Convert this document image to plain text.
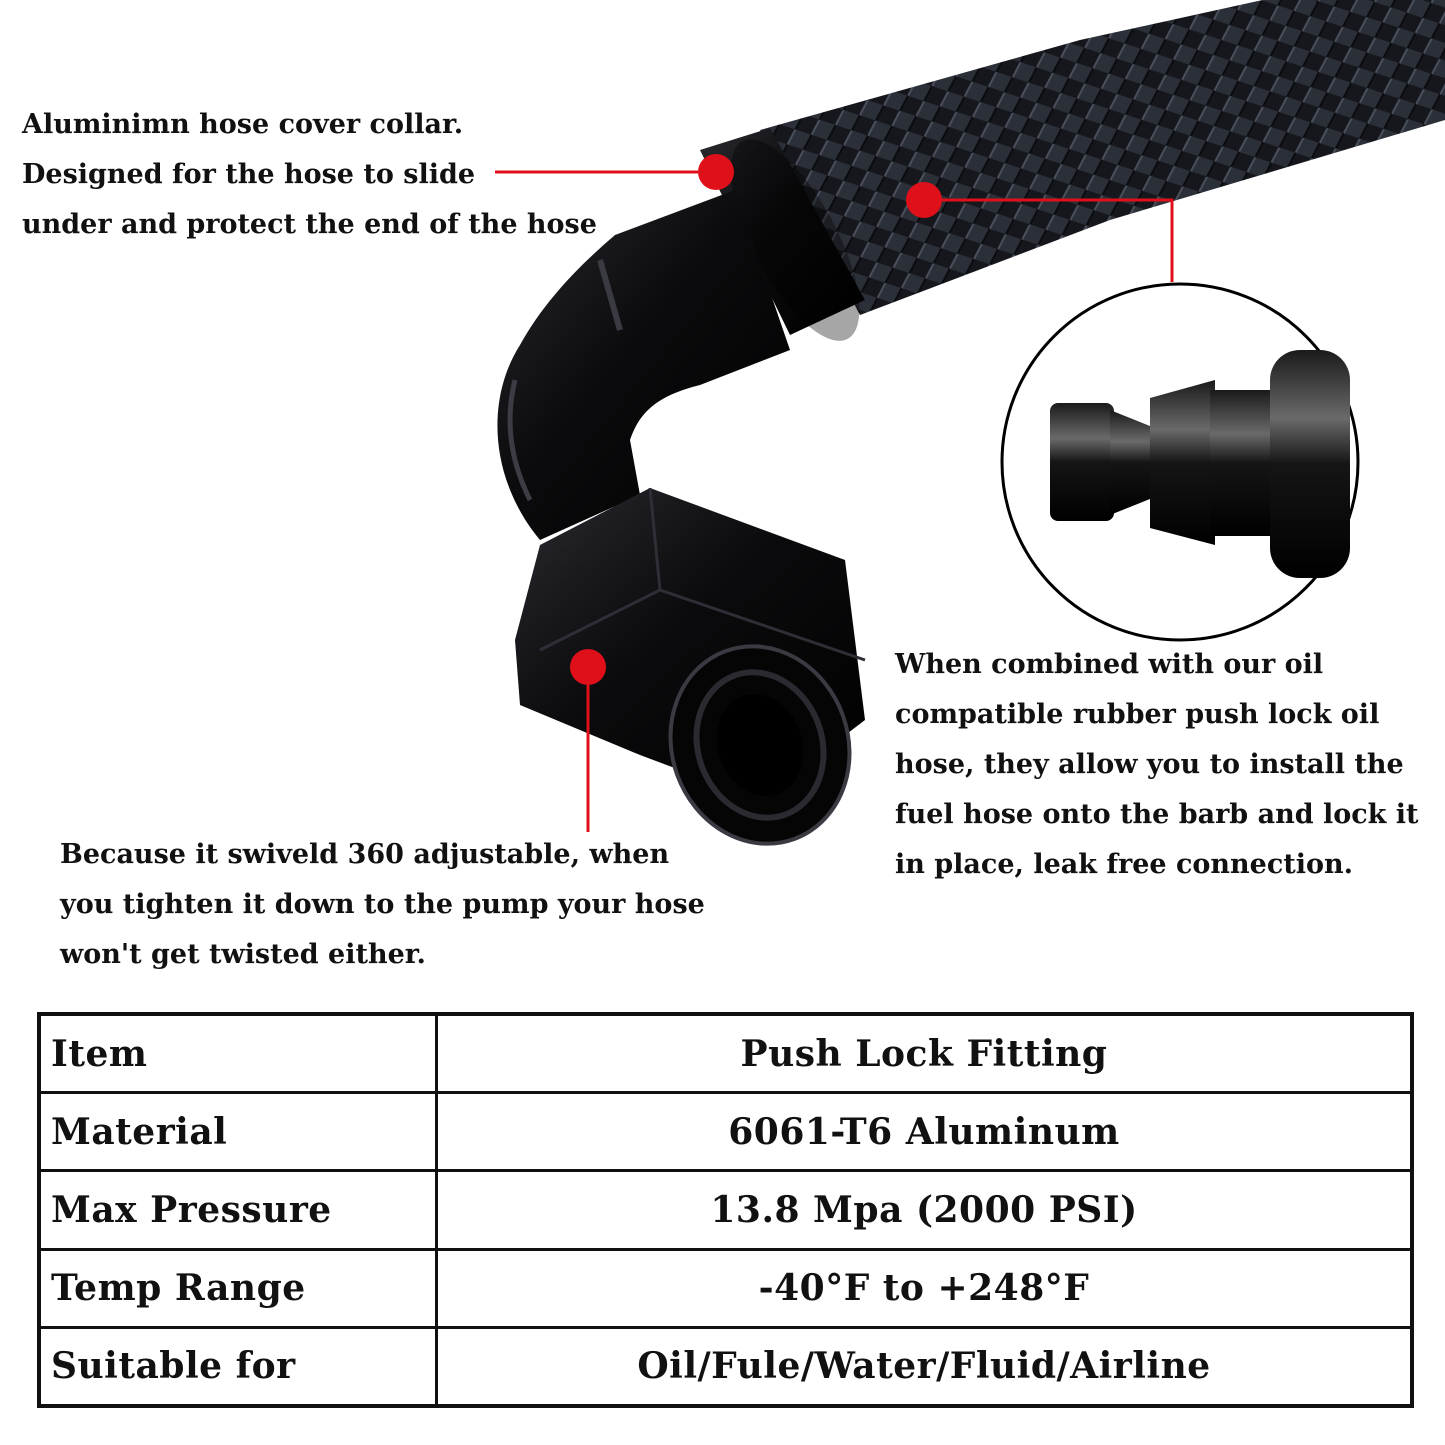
Aluminimn hose cover collar.
Designed for the hose to slide
under and protect the end of the hose
When combined with our oil
compatible rubber push lock oil
hose, they allow you to install the
fuel hose onto the barb and lock it
in place, leak free connection.
Because it swiveld 360 adjustable, when
you tighten it down to the pump your hose
won't get twisted either.
Item	Push Lock Fitting
Material	6061-T6 Aluminum
Max Pressure	13.8 Mpa (2000 PSI)
Temp Range	-40°F to +248°F
Suitable for	Oil/Fule/Water/Fluid/Airline
